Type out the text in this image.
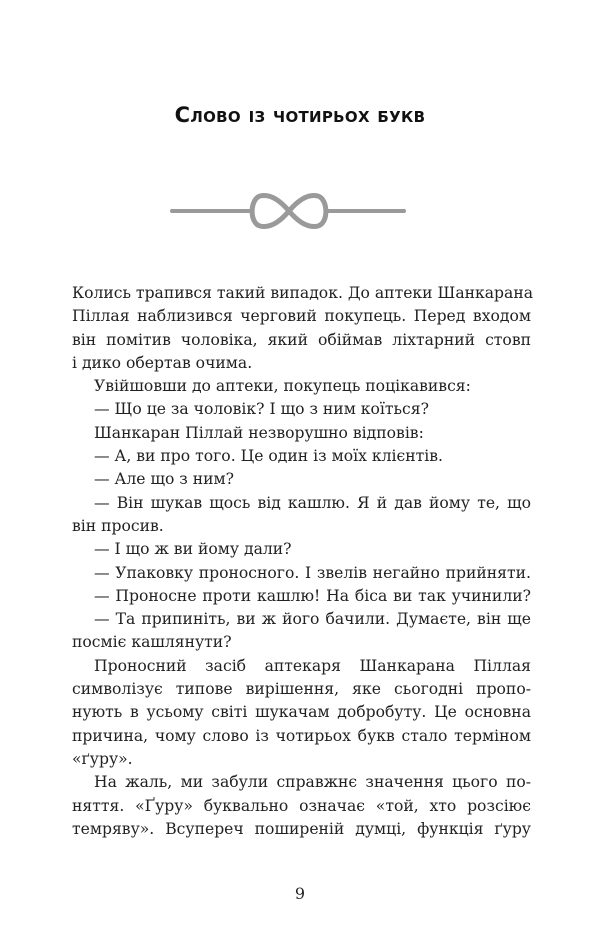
Слово із чотирьох букв
Колись трапився такий випадок. До аптеки Шанкарана
Піллая наблизився черговий покупець. Перед входом
він помітив чоловіка, який обіймав ліхтарний стовп
і дико обертав очима.
Увійшовши до аптеки, покупець поцікавився:
— Що це за чоловік? І що з ним коїться?
Шанкаран Піллай незворушно відповів:
— А, ви про того. Це один із моїх клієнтів.
— Але що з ним?
— Він шукав щось від кашлю. Я й дав йому те, що
він просив.
— І що ж ви йому дали?
— Упаковку проносного. І звелів негайно прийняти.
— Проносне проти кашлю! На біса ви так учинили?
— Та припиніть, ви ж його бачили. Думаєте, він ще
посміє кашлянути?
Проносний засіб аптекаря Шанкарана Піллая
символізує типове вирішення, яке сьогодні пропо-
нують в усьому світі шукачам добробуту. Це основна
причина, чому слово із чотирьох букв стало терміном
«ґуру».
На жаль, ми забули справжнє значення цього по-
няття. «Ґуру» буквально означає «той, хто розсіює
темряву». Всупереч поширеній думці, функція ґуру
9
